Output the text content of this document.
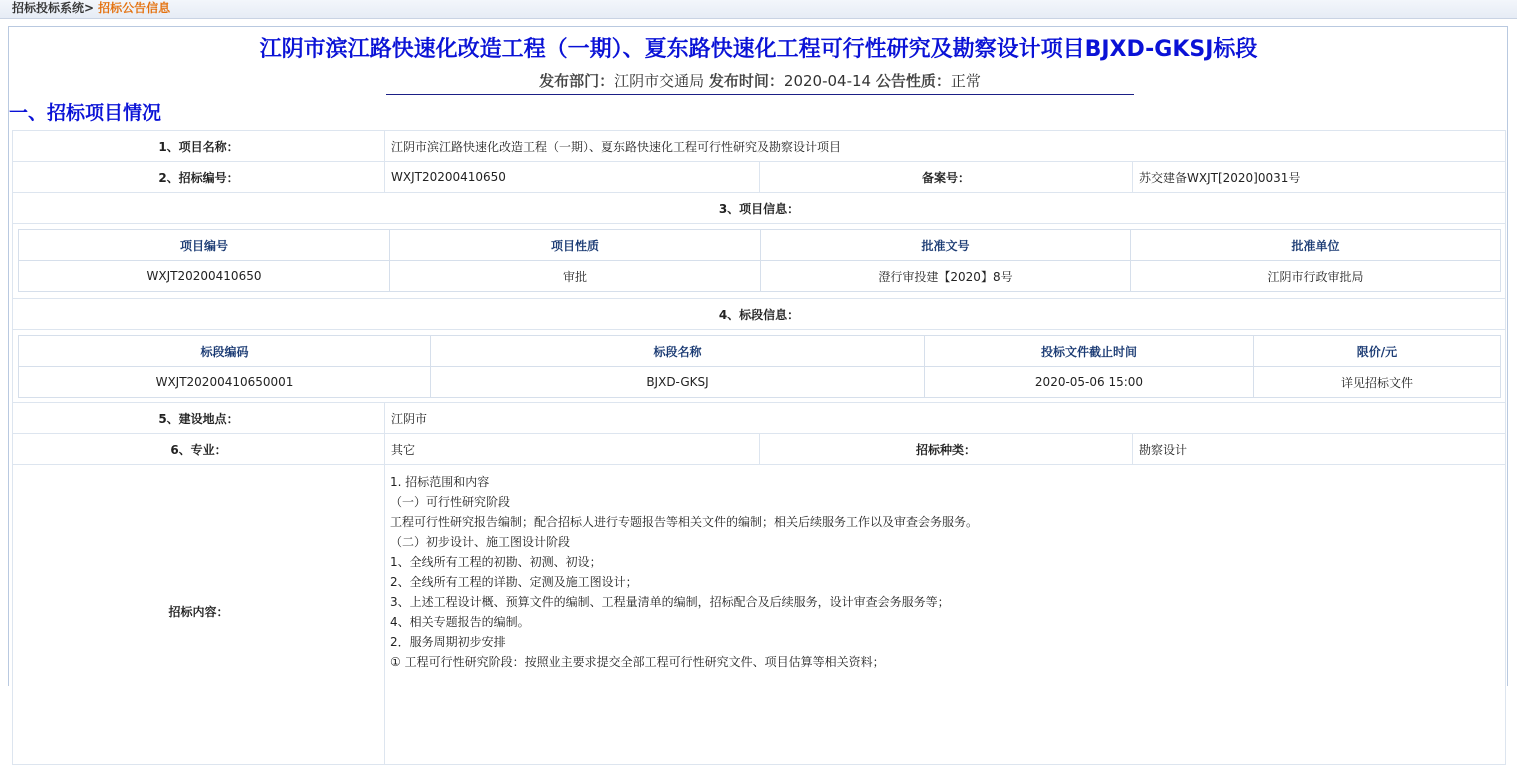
招标投标系统> 招标公告信息
江阴市滨江路快速化改造工程（一期）、夏东路快速化工程可行性研究及勘察设计项目BJXD-GKSJ标段
发布部门：江阴市交通局 发布时间：2020-04-14 公告性质：正常
一、招标项目情况
1、项目名称：	江阴市滨江路快速化改造工程（一期）、夏东路快速化工程可行性研究及勘察设计项目
2、招标编号：	WXJT20200410650	备案号：	苏交建备WXJT[2020]0031号
3、项目信息：
项目编号	项目性质	批准文号	批准单位
WXJT20200410650	审批	澄行审投建【2020】8号	江阴市行政审批局
4、标段信息：
标段编码	标段名称	投标文件截止时间	限价/元
WXJT20200410650001	BJXD-GKSJ	2020-05-06 15:00	详见招标文件
5、建设地点：	江阴市
6、专业：	其它	招标种类：	勘察设计
招标内容：	
1. 招标范围和内容
（一）可行性研究阶段
工程可行性研究报告编制；配合招标人进行专题报告等相关文件的编制；相关后续服务工作以及审查会务服务。
（二）初步设计、施工图设计阶段
1、全线所有工程的初勘、初测、初设；
2、全线所有工程的详勘、定测及施工图设计；
3、上述工程设计概、预算文件的编制、工程量清单的编制，招标配合及后续服务，设计审查会务服务等；
4、相关专题报告的编制。
2．服务周期初步安排
① 工程可行性研究阶段：按照业主要求提交全部工程可行性研究文件、项目估算等相关资料；
